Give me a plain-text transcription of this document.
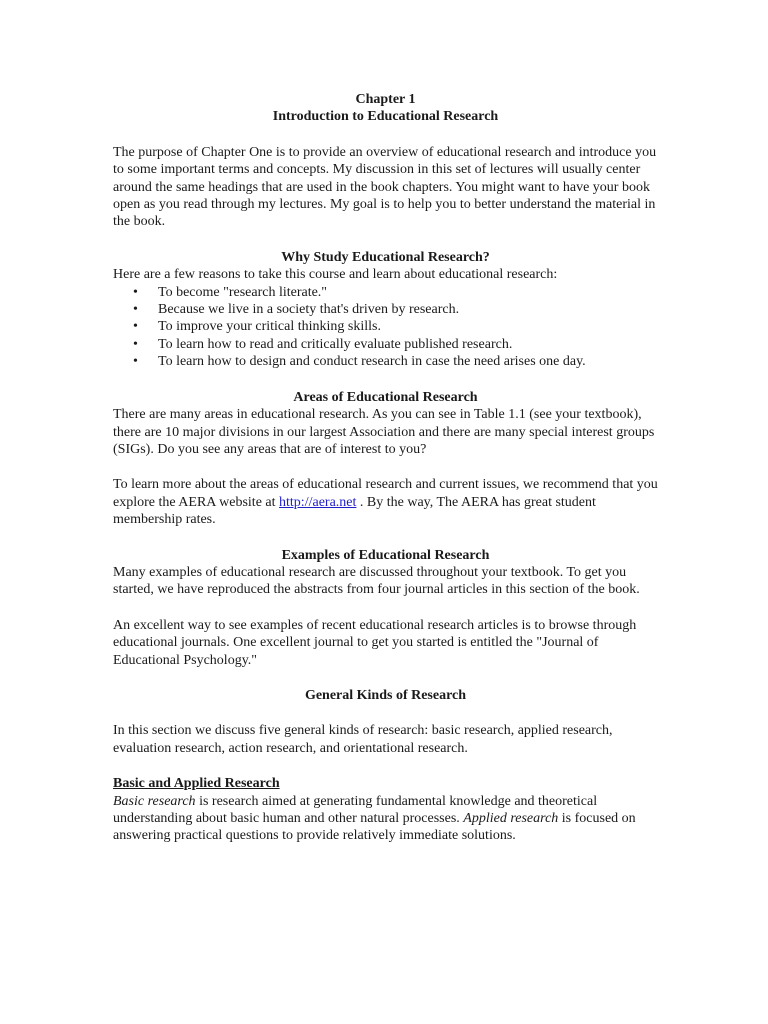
Chapter 1

Introduction to Educational Research

The purpose of Chapter One is to provide an overview of educational research and introduce you to some important terms and concepts. My discussion in this set of lectures will usually center around the same headings that are used in the book chapters. You might want to have your book open as you read through my lectures. My goal is to help you to better understand the material in the book.

Why Study Educational Research?

Here are a few reasons to take this course and learn about educational research:

• To become "research literate."
• Because we live in a society that's driven by research.
• To improve your critical thinking skills.
• To learn how to read and critically evaluate published research.
• To learn how to design and conduct research in case the need arises one day.

Areas of Educational Research

There are many areas in educational research. As you can see in Table 1.1 (see your textbook), there are 10 major divisions in our largest Association and there are many special interest groups (SIGs). Do you see any areas that are of interest to you?

To learn more about the areas of educational research and current issues, we recommend that you explore the AERA website at http://aera.net . By the way, The AERA has great student membership rates.

Examples of Educational Research

Many examples of educational research are discussed throughout your textbook. To get you started, we have reproduced the abstracts from four journal articles in this section of the book.

An excellent way to see examples of recent educational research articles is to browse through educational journals. One excellent journal to get you started is entitled the "Journal of Educational Psychology."

General Kinds of Research

In this section we discuss five general kinds of research: basic research, applied research, evaluation research, action research, and orientational research.

Basic and Applied Research

Basic research is research aimed at generating fundamental knowledge and theoretical understanding about basic human and other natural processes. Applied research is focused on answering practical questions to provide relatively immediate solutions.
